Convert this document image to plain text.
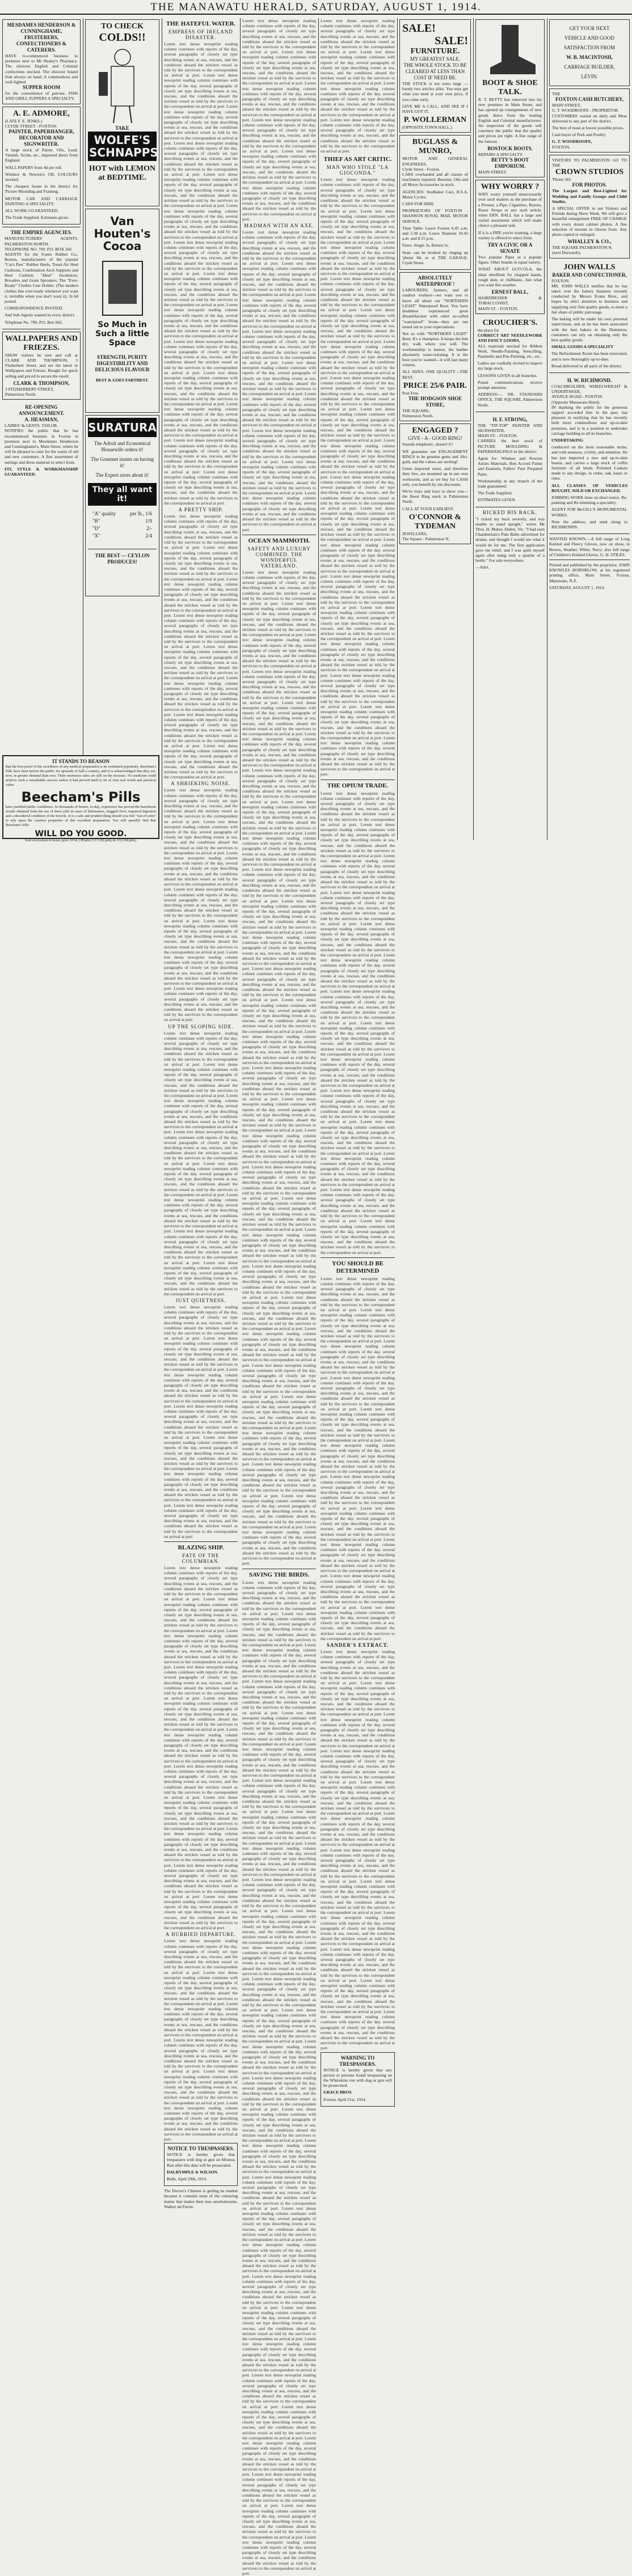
THE MANAWATU HERALD, SATURDAY, AUGUST 1, 1914.
MESDAMES HENDERSON & CUNNINGHAME,
FRUITERERS, CONFECTIONERS & CATERERS.
HAVE re-commenced business in premises next to Mr Healey's Pharmacy. The choicest English and Colonial confections stocked. The choicest Island fruit always on hand. A commodious and well-lighted
SUPPER ROOM
for the convenience of patrons. FISH AND GRILL SUPPERS A SPECIALTY.
A. E. ADMORE,
(LATE F. E. JENKS.)
CLYDE STREET - FOXTON.
PAINTER, PAPERHANGER, DECORATOR AND SIGNWRITER.

A large stock of Paints, Oils, Lead, Varnish, Scrim, etc., imported direct from England.

WALL PAPERS from 4d per roll.

Windsor & Newton's OIL COLOURS stocked.

The cheapest house in the district for Picture Moulding and Framing.

MOTOR CAR AND CARRIAGE PAINTING A SPECIALITY.

ALL WORK GUARANTEED.

The Trade Supplied. Estimates given.

THE EMPIRE AGENCIES.
MANUFACTURERS' AGENTS, PALMERSTON NORTH.
TELEPHONE NO. 709. P.O. BOX 266

AGENTS for the Foster Rubber Co., Boston, manufacturers of the popular "Cat's Paw" Rubber Heels, Tread-Air Heel Cushions, Combination Arch Supports and Heel Cushion. "Ideal" Incubators, Brooders and Grain Sprouters. The "Ever-Ready" Clothes Line Holder. (The modern clothes line ever-ready whenever you want it, invisible when you don't want it). 3s 6d posted.

CORRESPONDENCE INVITED.

And Sub-Agents wanted in every district.

Telephone No. 709. P.O. Box 662.

WALLPAPERS AND FRIEZES.

SHOW visitors be sure and call at CLARK AND THOMPSON, 3 Fitzherbert Street, and see the latest in Wallpapers and Friezes. Bought for quick selling and priced to secure the result.

CLARK & THOMPSON,
3 FITZHERBERT STREET,
Palmerston North.
RE-OPENING ANNOUNCEMENT.
A. HEASMAN,
LADIES' & GENTS. TAILOR.

NOTIFIES the public that he has recommenced business in Foxton in premises next to Mesdames Henderson and Cunninghame's, Main Street, where he will be pleased to cater for the wants of old and new customers. A fine assortment of suitings and dress material to select from.

FIT, STYLE & WORKMANSHIP GUARANTEED.

TO CHECK
COLDS!!
TAKE
WOLFE'S SCHNAPPS
HOT with LEMON at BEDTIME.
Van Houten's Cocoa
So Much in Such a little Space
STRENGTH, PURITY DIGESTIBILITY AND DELICIOUS FLAVOUR
BEST & GOES FARTHEST.
SURATURA
The Adroit and Economical Housewife orders it!
The Gourmet insists on having it!
The Expert raves about it!
They all want it!
"A" quality	per lb., 1/6
"B"	1/9
"D"	2/-
"X"	2/4
THE BEST — CEYLON PRODUCES!
THE HATEFUL WATER.
EMPRESS OF IRELAND DISASTER.
Lorem text dense newsprint reading column continues with reports of the day, several paragraphs of closely set type describing events at sea, rescues, and the conditions aboard the stricken vessel as told by the survivors to the correspondent on arrival at port. Lorem text dense newsprint reading column continues with reports of the day, several paragraphs of closely set type describing events at sea, rescues, and the conditions aboard the stricken vessel as told by the survivors to the correspondent on arrival at port. Lorem text dense newsprint reading column continues with reports of the day, several paragraphs of closely set type describing events at sea, rescues, and the conditions aboard the stricken vessel as told by the survivors to the correspondent on arrival at port. Lorem text dense newsprint reading column continues with reports of the day, several paragraphs of closely set type describing events at sea, rescues, and the conditions aboard the stricken vessel as told by the survivors to the correspondent on arrival at port. Lorem text dense newsprint reading column continues with reports of the day, several paragraphs of closely set type describing events at sea, rescues, and the conditions aboard the stricken vessel as told by the survivors to the correspondent on arrival at port. Lorem text dense newsprint reading column continues with reports of the day, several paragraphs of closely set type describing events at sea, rescues, and the conditions aboard the stricken vessel as told by the survivors to the correspondent on arrival at port. Lorem text dense newsprint reading column continues with reports of the day, several paragraphs of closely set type describing events at sea, rescues, and the conditions aboard the stricken vessel as told by the survivors to the correspondent on arrival at port. Lorem text dense newsprint reading column continues with reports of the day, several paragraphs of closely set type describing events at sea, rescues, and the conditions aboard the stricken vessel as told by the survivors to the correspondent on arrival at port. Lorem text dense newsprint reading column continues with reports of the day, several paragraphs of closely set type describing events at sea, rescues, and the conditions aboard the stricken vessel as told by the survivors to the correspondent on arrival at port. Lorem text dense newsprint reading column continues with reports of the day, several paragraphs of closely set type describing events at sea, rescues, and the conditions aboard the stricken vessel as told by the survivors to the correspondent on arrival at port. Lorem text dense newsprint reading column continues with reports of the day, several paragraphs of closely set type describing events at sea, rescues, and the conditions aboard the stricken vessel as told by the survivors to the correspondent on arrival at port. Lorem text dense newsprint reading column continues with reports of the day, several paragraphs of closely set type describing events at sea, rescues, and the conditions aboard the stricken vessel as told by the survivors to the correspondent on arrival at port. Lorem text dense newsprint reading column continues with reports of the day, several paragraphs of closely set type describing events at sea, rescues, and the conditions aboard the stricken vessel as told by the survivors to the correspondent on arrival at port. Lorem text dense newsprint reading column continues with reports of the day, several paragraphs of closely set type describing events at sea, rescues, and the conditions aboard the stricken vessel as told by the survivors to the correspondent on arrival at port.
A PRETTY SHIP.
Lorem text dense newsprint reading column continues with reports of the day, several paragraphs of closely set type describing events at sea, rescues, and the conditions aboard the stricken vessel as told by the survivors to the correspondent on arrival at port. Lorem text dense newsprint reading column continues with reports of the day, several paragraphs of closely set type describing events at sea, rescues, and the conditions aboard the stricken vessel as told by the survivors to the correspondent on arrival at port. Lorem text dense newsprint reading column continues with reports of the day, several paragraphs of closely set type describing events at sea, rescues, and the conditions aboard the stricken vessel as told by the survivors to the correspondent on arrival at port. Lorem text dense newsprint reading column continues with reports of the day, several paragraphs of closely set type describing events at sea, rescues, and the conditions aboard the stricken vessel as told by the survivors to the correspondent on arrival at port. Lorem text dense newsprint reading column continues with reports of the day, several paragraphs of closely set type describing events at sea, rescues, and the conditions aboard the stricken vessel as told by the survivors to the correspondent on arrival at port. Lorem text dense newsprint reading column continues with reports of the day, several paragraphs of closely set type describing events at sea, rescues, and the conditions aboard the stricken vessel as told by the survivors to the correspondent on arrival at port. Lorem text dense newsprint reading column continues with reports of the day, several paragraphs of closely set type describing events at sea, rescues, and the conditions aboard the stricken vessel as told by the survivors to the correspondent on arrival at port. Lorem text dense newsprint reading column continues with reports of the day, several paragraphs of closely set type describing events at sea, rescues, and the conditions aboard the stricken vessel as told by the survivors to the correspondent on arrival at port.
A SHRIEKING NOISE.
Lorem text dense newsprint reading column continues with reports of the day, several paragraphs of closely set type describing events at sea, rescues, and the conditions aboard the stricken vessel as told by the survivors to the correspondent on arrival at port. Lorem text dense newsprint reading column continues with reports of the day, several paragraphs of closely set type describing events at sea, rescues, and the conditions aboard the stricken vessel as told by the survivors to the correspondent on arrival at port. Lorem text dense newsprint reading column continues with reports of the day, several paragraphs of closely set type describing events at sea, rescues, and the conditions aboard the stricken vessel as told by the survivors to the correspondent on arrival at port. Lorem text dense newsprint reading column continues with reports of the day, several paragraphs of closely set type describing events at sea, rescues, and the conditions aboard the stricken vessel as told by the survivors to the correspondent on arrival at port. Lorem text dense newsprint reading column continues with reports of the day, several paragraphs of closely set type describing events at sea, rescues, and the conditions aboard the stricken vessel as told by the survivors to the correspondent on arrival at port. Lorem text dense newsprint reading column continues with reports of the day, several paragraphs of closely set type describing events at sea, rescues, and the conditions aboard the stricken vessel as told by the survivors to the correspondent on arrival at port. Lorem text dense newsprint reading column continues with reports of the day, several paragraphs of closely set type describing events at sea, rescues, and the conditions aboard the stricken vessel as told by the survivors to the correspondent on arrival at port.
UP THE SLOPING SIDE.
Lorem text dense newsprint reading column continues with reports of the day, several paragraphs of closely set type describing events at sea, rescues, and the conditions aboard the stricken vessel as told by the survivors to the correspondent on arrival at port. Lorem text dense newsprint reading column continues with reports of the day, several paragraphs of closely set type describing events at sea, rescues, and the conditions aboard the stricken vessel as told by the survivors to the correspondent on arrival at port. Lorem text dense newsprint reading column continues with reports of the day, several paragraphs of closely set type describing events at sea, rescues, and the conditions aboard the stricken vessel as told by the survivors to the correspondent on arrival at port. Lorem text dense newsprint reading column continues with reports of the day, several paragraphs of closely set type describing events at sea, rescues, and the conditions aboard the stricken vessel as told by the survivors to the correspondent on arrival at port. Lorem text dense newsprint reading column continues with reports of the day, several paragraphs of closely set type describing events at sea, rescues, and the conditions aboard the stricken vessel as told by the survivors to the correspondent on arrival at port. Lorem text dense newsprint reading column continues with reports of the day, several paragraphs of closely set type describing events at sea, rescues, and the conditions aboard the stricken vessel as told by the survivors to the correspondent on arrival at port. Lorem text dense newsprint reading column continues with reports of the day, several paragraphs of closely set type describing events at sea, rescues, and the conditions aboard the stricken vessel as told by the survivors to the correspondent on arrival at port. Lorem text dense newsprint reading column continues with reports of the day, several paragraphs of closely set type describing events at sea, rescues, and the conditions aboard the stricken vessel as told by the survivors to the correspondent on arrival at port.
JUST QUIETNESS.
Lorem text dense newsprint reading column continues with reports of the day, several paragraphs of closely set type describing events at sea, rescues, and the conditions aboard the stricken vessel as told by the survivors to the correspondent on arrival at port. Lorem text dense newsprint reading column continues with reports of the day, several paragraphs of closely set type describing events at sea, rescues, and the conditions aboard the stricken vessel as told by the survivors to the correspondent on arrival at port. Lorem text dense newsprint reading column continues with reports of the day, several paragraphs of closely set type describing events at sea, rescues, and the conditions aboard the stricken vessel as told by the survivors to the correspondent on arrival at port. Lorem text dense newsprint reading column continues with reports of the day, several paragraphs of closely set type describing events at sea, rescues, and the conditions aboard the stricken vessel as told by the survivors to the correspondent on arrival at port. Lorem text dense newsprint reading column continues with reports of the day, several paragraphs of closely set type describing events at sea, rescues, and the conditions aboard the stricken vessel as told by the survivors to the correspondent on arrival at port. Lorem text dense newsprint reading column continues with reports of the day, several paragraphs of closely set type describing events at sea, rescues, and the conditions aboard the stricken vessel as told by the survivors to the correspondent on arrival at port. Lorem text dense newsprint reading column continues with reports of the day, several paragraphs of closely set type describing events at sea, rescues, and the conditions aboard the stricken vessel as told by the survivors to the correspondent on arrival at port.
BLAZING SHIP.
FATE OF THE COLUMBIAN.
Lorem text dense newsprint reading column continues with reports of the day, several paragraphs of closely set type describing events at sea, rescues, and the conditions aboard the stricken vessel as told by the survivors to the correspondent on arrival at port. Lorem text dense newsprint reading column continues with reports of the day, several paragraphs of closely set type describing events at sea, rescues, and the conditions aboard the stricken vessel as told by the survivors to the correspondent on arrival at port. Lorem text dense newsprint reading column continues with reports of the day, several paragraphs of closely set type describing events at sea, rescues, and the conditions aboard the stricken vessel as told by the survivors to the correspondent on arrival at port. Lorem text dense newsprint reading column continues with reports of the day, several paragraphs of closely set type describing events at sea, rescues, and the conditions aboard the stricken vessel as told by the survivors to the correspondent on arrival at port. Lorem text dense newsprint reading column continues with reports of the day, several paragraphs of closely set type describing events at sea, rescues, and the conditions aboard the stricken vessel as told by the survivors to the correspondent on arrival at port. Lorem text dense newsprint reading column continues with reports of the day, several paragraphs of closely set type describing events at sea, rescues, and the conditions aboard the stricken vessel as told by the survivors to the correspondent on arrival at port. Lorem text dense newsprint reading column continues with reports of the day, several paragraphs of closely set type describing events at sea, rescues, and the conditions aboard the stricken vessel as told by the survivors to the correspondent on arrival at port. Lorem text dense newsprint reading column continues with reports of the day, several paragraphs of closely set type describing events at sea, rescues, and the conditions aboard the stricken vessel as told by the survivors to the correspondent on arrival at port. Lorem text dense newsprint reading column continues with reports of the day, several paragraphs of closely set type describing events at sea, rescues, and the conditions aboard the stricken vessel as told by the survivors to the correspondent on arrival at port. Lorem text dense newsprint reading column continues with reports of the day, several paragraphs of closely set type describing events at sea, rescues, and the conditions aboard the stricken vessel as told by the survivors to the correspondent on arrival at port. Lorem text dense newsprint reading column continues with reports of the day, several paragraphs of closely set type describing events at sea, rescues, and the conditions aboard the stricken vessel as told by the survivors to the correspondent on arrival at port.
A HURRIED DEPARTURE.
Lorem text dense newsprint reading column continues with reports of the day, several paragraphs of closely set type describing events at sea, rescues, and the conditions aboard the stricken vessel as told by the survivors to the correspondent on arrival at port. Lorem text dense newsprint reading column continues with reports of the day, several paragraphs of closely set type describing events at sea, rescues, and the conditions aboard the stricken vessel as told by the survivors to the correspondent on arrival at port. Lorem text dense newsprint reading column continues with reports of the day, several paragraphs of closely set type describing events at sea, rescues, and the conditions aboard the stricken vessel as told by the survivors to the correspondent on arrival at port. Lorem text dense newsprint reading column continues with reports of the day, several paragraphs of closely set type describing events at sea, rescues, and the conditions aboard the stricken vessel as told by the survivors to the correspondent on arrival at port. Lorem text dense newsprint reading column continues with reports of the day, several paragraphs of closely set type describing events at sea, rescues, and the conditions aboard the stricken vessel as told by the survivors to the correspondent on arrival at port. Lorem text dense newsprint reading column continues with reports of the day, several paragraphs of closely set type describing events at sea, rescues, and the conditions aboard the stricken vessel as told by the survivors to the correspondent on arrival at port.
NOTICE TO TRESPASSERS.

NOTICE is hereby given that trespassers with dog or gun on Moutoa Run after this date will be prosecuted.

DALRYMPLE & WILSON.

Bulls, April 29th, 1914.

The Doctor's Chinese is getting he market because it contains none of the colouring matter that makes their teas unwholesome. Walker nd Furrie.

Lorem text dense newsprint reading column continues with reports of the day, several paragraphs of closely set type describing events at sea, rescues, and the conditions aboard the stricken vessel as told by the survivors to the correspondent on arrival at port. Lorem text dense newsprint reading column continues with reports of the day, several paragraphs of closely set type describing events at sea, rescues, and the conditions aboard the stricken vessel as told by the survivors to the correspondent on arrival at port. Lorem text dense newsprint reading column continues with reports of the day, several paragraphs of closely set type describing events at sea, rescues, and the conditions aboard the stricken vessel as told by the survivors to the correspondent on arrival at port. Lorem text dense newsprint reading column continues with reports of the day, several paragraphs of closely set type describing events at sea, rescues, and the conditions aboard the stricken vessel as told by the survivors to the correspondent on arrival at port. Lorem text dense newsprint reading column continues with reports of the day, several paragraphs of closely set type describing events at sea, rescues, and the conditions aboard the stricken vessel as told by the survivors to the correspondent on arrival at port. Lorem text dense newsprint reading column continues with reports of the day, several paragraphs of closely set type describing events at sea, rescues, and the conditions aboard the stricken vessel as told by the survivors to the correspondent on arrival at port.
MADMAN WITH AN AXE.
Lorem text dense newsprint reading column continues with reports of the day, several paragraphs of closely set type describing events at sea, rescues, and the conditions aboard the stricken vessel as told by the survivors to the correspondent on arrival at port. Lorem text dense newsprint reading column continues with reports of the day, several paragraphs of closely set type describing events at sea, rescues, and the conditions aboard the stricken vessel as told by the survivors to the correspondent on arrival at port. Lorem text dense newsprint reading column continues with reports of the day, several paragraphs of closely set type describing events at sea, rescues, and the conditions aboard the stricken vessel as told by the survivors to the correspondent on arrival at port. Lorem text dense newsprint reading column continues with reports of the day, several paragraphs of closely set type describing events at sea, rescues, and the conditions aboard the stricken vessel as told by the survivors to the correspondent on arrival at port. Lorem text dense newsprint reading column continues with reports of the day, several paragraphs of closely set type describing events at sea, rescues, and the conditions aboard the stricken vessel as told by the survivors to the correspondent on arrival at port. Lorem text dense newsprint reading column continues with reports of the day, several paragraphs of closely set type describing events at sea, rescues, and the conditions aboard the stricken vessel as told by the survivors to the correspondent on arrival at port. Lorem text dense newsprint reading column continues with reports of the day, several paragraphs of closely set type describing events at sea, rescues, and the conditions aboard the stricken vessel as told by the survivors to the correspondent on arrival at port. Lorem text dense newsprint reading column continues with reports of the day, several paragraphs of closely set type describing events at sea, rescues, and the conditions aboard the stricken vessel as told by the survivors to the correspondent on arrival at port. Lorem text dense newsprint reading column continues with reports of the day, several paragraphs of closely set type describing events at sea, rescues, and the conditions aboard the stricken vessel as told by the survivors to the correspondent on arrival at port.
OCEAN MAMMOTH.
SAFETY AND LUXURY COMBINED. THE WONDERFUL VATERLAND.
Lorem text dense newsprint reading column continues with reports of the day, several paragraphs of closely set type describing events at sea, rescues, and the conditions aboard the stricken vessel as told by the survivors to the correspondent on arrival at port. Lorem text dense newsprint reading column continues with reports of the day, several paragraphs of closely set type describing events at sea, rescues, and the conditions aboard the stricken vessel as told by the survivors to the correspondent on arrival at port. Lorem text dense newsprint reading column continues with reports of the day, several paragraphs of closely set type describing events at sea, rescues, and the conditions aboard the stricken vessel as told by the survivors to the correspondent on arrival at port. Lorem text dense newsprint reading column continues with reports of the day, several paragraphs of closely set type describing events at sea, rescues, and the conditions aboard the stricken vessel as told by the survivors to the correspondent on arrival at port. Lorem text dense newsprint reading column continues with reports of the day, several paragraphs of closely set type describing events at sea, rescues, and the conditions aboard the stricken vessel as told by the survivors to the correspondent on arrival at port. Lorem text dense newsprint reading column continues with reports of the day, several paragraphs of closely set type describing events at sea, rescues, and the conditions aboard the stricken vessel as told by the survivors to the correspondent on arrival at port. Lorem text dense newsprint reading column continues with reports of the day, several paragraphs of closely set type describing events at sea, rescues, and the conditions aboard the stricken vessel as told by the survivors to the correspondent on arrival at port. Lorem text dense newsprint reading column continues with reports of the day, several paragraphs of closely set type describing events at sea, rescues, and the conditions aboard the stricken vessel as told by the survivors to the correspondent on arrival at port. Lorem text dense newsprint reading column continues with reports of the day, several paragraphs of closely set type describing events at sea, rescues, and the conditions aboard the stricken vessel as told by the survivors to the correspondent on arrival at port. Lorem text dense newsprint reading column continues with reports of the day, several paragraphs of closely set type describing events at sea, rescues, and the conditions aboard the stricken vessel as told by the survivors to the correspondent on arrival at port. Lorem text dense newsprint reading column continues with reports of the day, several paragraphs of closely set type describing events at sea, rescues, and the conditions aboard the stricken vessel as told by the survivors to the correspondent on arrival at port. Lorem text dense newsprint reading column continues with reports of the day, several paragraphs of closely set type describing events at sea, rescues, and the conditions aboard the stricken vessel as told by the survivors to the correspondent on arrival at port. Lorem text dense newsprint reading column continues with reports of the day, several paragraphs of closely set type describing events at sea, rescues, and the conditions aboard the stricken vessel as told by the survivors to the correspondent on arrival at port. Lorem text dense newsprint reading column continues with reports of the day, several paragraphs of closely set type describing events at sea, rescues, and the conditions aboard the stricken vessel as told by the survivors to the correspondent on arrival at port. Lorem text dense newsprint reading column continues with reports of the day, several paragraphs of closely set type describing events at sea, rescues, and the conditions aboard the stricken vessel as told by the survivors to the correspondent on arrival at port. Lorem text dense newsprint reading column continues with reports of the day, several paragraphs of closely set type describing events at sea, rescues, and the conditions aboard the stricken vessel as told by the survivors to the correspondent on arrival at port. Lorem text dense newsprint reading column continues with reports of the day, several paragraphs of closely set type describing events at sea, rescues, and the conditions aboard the stricken vessel as told by the survivors to the correspondent on arrival at port. Lorem text dense newsprint reading column continues with reports of the day, several paragraphs of closely set type describing events at sea, rescues, and the conditions aboard the stricken vessel as told by the survivors to the correspondent on arrival at port. Lorem text dense newsprint reading column continues with reports of the day, several paragraphs of closely set type describing events at sea, rescues, and the conditions aboard the stricken vessel as told by the survivors to the correspondent on arrival at port. Lorem text dense newsprint reading column continues with reports of the day, several paragraphs of closely set type describing events at sea, rescues, and the conditions aboard the stricken vessel as told by the survivors to the correspondent on arrival at port. Lorem text dense newsprint reading column continues with reports of the day, several paragraphs of closely set type describing events at sea, rescues, and the conditions aboard the stricken vessel as told by the survivors to the correspondent on arrival at port. Lorem text dense newsprint reading column continues with reports of the day, several paragraphs of closely set type describing events at sea, rescues, and the conditions aboard the stricken vessel as told by the survivors to the correspondent on arrival at port. Lorem text dense newsprint reading column continues with reports of the day, several paragraphs of closely set type describing events at sea, rescues, and the conditions aboard the stricken vessel as told by the survivors to the correspondent on arrival at port. Lorem text dense newsprint reading column continues with reports of the day, several paragraphs of closely set type describing events at sea, rescues, and the conditions aboard the stricken vessel as told by the survivors to the correspondent on arrival at port. Lorem text dense newsprint reading column continues with reports of the day, several paragraphs of closely set type describing events at sea, rescues, and the conditions aboard the stricken vessel as told by the survivors to the correspondent on arrival at port. Lorem text dense newsprint reading column continues with reports of the day, several paragraphs of closely set type describing events at sea, rescues, and the conditions aboard the stricken vessel as told by the survivors to the correspondent on arrival at port. Lorem text dense newsprint reading column continues with reports of the day, several paragraphs of closely set type describing events at sea, rescues, and the conditions aboard the stricken vessel as told by the survivors to the correspondent on arrival at port. Lorem text dense newsprint reading column continues with reports of the day, several paragraphs of closely set type describing events at sea, rescues, and the conditions aboard the stricken vessel as told by the survivors to the correspondent on arrival at port. Lorem text dense newsprint reading column continues with reports of the day, several paragraphs of closely set type describing events at sea, rescues, and the conditions aboard the stricken vessel as told by the survivors to the correspondent on arrival at port. Lorem text dense newsprint reading column continues with reports of the day, several paragraphs of closely set type describing events at sea, rescues, and the conditions aboard the stricken vessel as told by the survivors to the correspondent on arrival at port.
SAVING THE BIRDS.
Lorem text dense newsprint reading column continues with reports of the day, several paragraphs of closely set type describing events at sea, rescues, and the conditions aboard the stricken vessel as told by the survivors to the correspondent on arrival at port. Lorem text dense newsprint reading column continues with reports of the day, several paragraphs of closely set type describing events at sea, rescues, and the conditions aboard the stricken vessel as told by the survivors to the correspondent on arrival at port. Lorem text dense newsprint reading column continues with reports of the day, several paragraphs of closely set type describing events at sea, rescues, and the conditions aboard the stricken vessel as told by the survivors to the correspondent on arrival at port. Lorem text dense newsprint reading column continues with reports of the day, several paragraphs of closely set type describing events at sea, rescues, and the conditions aboard the stricken vessel as told by the survivors to the correspondent on arrival at port. Lorem text dense newsprint reading column continues with reports of the day, several paragraphs of closely set type describing events at sea, rescues, and the conditions aboard the stricken vessel as told by the survivors to the correspondent on arrival at port. Lorem text dense newsprint reading column continues with reports of the day, several paragraphs of closely set type describing events at sea, rescues, and the conditions aboard the stricken vessel as told by the survivors to the correspondent on arrival at port. Lorem text dense newsprint reading column continues with reports of the day, several paragraphs of closely set type describing events at sea, rescues, and the conditions aboard the stricken vessel as told by the survivors to the correspondent on arrival at port. Lorem text dense newsprint reading column continues with reports of the day, several paragraphs of closely set type describing events at sea, rescues, and the conditions aboard the stricken vessel as told by the survivors to the correspondent on arrival at port. Lorem text dense newsprint reading column continues with reports of the day, several paragraphs of closely set type describing events at sea, rescues, and the conditions aboard the stricken vessel as told by the survivors to the correspondent on arrival at port. Lorem text dense newsprint reading column continues with reports of the day, several paragraphs of closely set type describing events at sea, rescues, and the conditions aboard the stricken vessel as told by the survivors to the correspondent on arrival at port. Lorem text dense newsprint reading column continues with reports of the day, several paragraphs of closely set type describing events at sea, rescues, and the conditions aboard the stricken vessel as told by the survivors to the correspondent on arrival at port. Lorem text dense newsprint reading column continues with reports of the day, several paragraphs of closely set type describing events at sea, rescues, and the conditions aboard the stricken vessel as told by the survivors to the correspondent on arrival at port. Lorem text dense newsprint reading column continues with reports of the day, several paragraphs of closely set type describing events at sea, rescues, and the conditions aboard the stricken vessel as told by the survivors to the correspondent on arrival at port. Lorem text dense newsprint reading column continues with reports of the day, several paragraphs of closely set type describing events at sea, rescues, and the conditions aboard the stricken vessel as told by the survivors to the correspondent on arrival at port. Lorem text dense newsprint reading column continues with reports of the day, several paragraphs of closely set type describing events at sea, rescues, and the conditions aboard the stricken vessel as told by the survivors to the correspondent on arrival at port. Lorem text dense newsprint reading column continues with reports of the day, several paragraphs of closely set type describing events at sea, rescues, and the conditions aboard the stricken vessel as told by the survivors to the correspondent on arrival at port. Lorem text dense newsprint reading column continues with reports of the day, several paragraphs of closely set type describing events at sea, rescues, and the conditions aboard the stricken vessel as told by the survivors to the correspondent on arrival at port. Lorem text dense newsprint reading column continues with reports of the day, several paragraphs of closely set type describing events at sea, rescues, and the conditions aboard the stricken vessel as told by the survivors to the correspondent on arrival at port. Lorem text dense newsprint reading column continues with reports of the day, several paragraphs of closely set type describing events at sea, rescues, and the conditions aboard the stricken vessel as told by the survivors to the correspondent on arrival at port. Lorem text dense newsprint reading column continues with reports of the day, several paragraphs of closely set type describing events at sea, rescues, and the conditions aboard the stricken vessel as told by the survivors to the correspondent on arrival at port. Lorem text dense newsprint reading column continues with reports of the day, several paragraphs of closely set type describing events at sea, rescues, and the conditions aboard the stricken vessel as told by the survivors to the correspondent on arrival at port. Lorem text dense newsprint reading column continues with reports of the day, several paragraphs of closely set type describing events at sea, rescues, and the conditions aboard the stricken vessel as told by the survivors to the correspondent on arrival at port. Lorem text dense newsprint reading column continues with reports of the day, several paragraphs of closely set type describing events at sea, rescues, and the conditions aboard the stricken vessel as told by the survivors to the correspondent on arrival at port. Lorem text dense newsprint reading column continues with reports of the day, several paragraphs of closely set type describing events at sea, rescues, and the conditions aboard the stricken vessel as told by the survivors to the correspondent on arrival at port. Lorem text dense newsprint reading column continues with reports of the day, several paragraphs of closely set type describing events at sea, rescues, and the conditions aboard the stricken vessel as told by the survivors to the correspondent on arrival at port. Lorem text dense newsprint reading column continues with reports of the day, several paragraphs of closely set type describing events at sea, rescues, and the conditions aboard the stricken vessel as told by the survivors to the correspondent on arrival at port. Lorem text dense newsprint reading column continues with reports of the day, several paragraphs of closely set type describing events at sea, rescues, and the conditions aboard the stricken vessel as told by the survivors to the correspondent on arrival at port. Lorem text dense newsprint reading column continues with reports of the day, several paragraphs of closely set type describing events at sea, rescues, and the conditions aboard the stricken vessel as told by the survivors to the correspondent on arrival at port. Lorem text dense newsprint reading column continues with reports of the day, several paragraphs of closely set type describing events at sea, rescues, and the conditions aboard the stricken vessel as told by the survivors to the correspondent on arrival at port. Lorem text dense newsprint reading column continues with reports of the day, several paragraphs of closely set type describing events at sea, rescues, and the conditions aboard the stricken vessel as told by the survivors to the correspondent on arrival at port.
Lorem text dense newsprint reading column continues with reports of the day, several paragraphs of closely set type describing events at sea, rescues, and the conditions aboard the stricken vessel as told by the survivors to the correspondent on arrival at port. Lorem text dense newsprint reading column continues with reports of the day, several paragraphs of closely set type describing events at sea, rescues, and the conditions aboard the stricken vessel as told by the survivors to the correspondent on arrival at port. Lorem text dense newsprint reading column continues with reports of the day, several paragraphs of closely set type describing events at sea, rescues, and the conditions aboard the stricken vessel as told by the survivors to the correspondent on arrival at port. Lorem text dense newsprint reading column continues with reports of the day, several paragraphs of closely set type describing events at sea, rescues, and the conditions aboard the stricken vessel as told by the survivors to the correspondent on arrival at port.
THIEF AS ART CRITIC.
MAN WHO STOLE "LA GIOCONDA."
Lorem text dense newsprint reading column continues with reports of the day, several paragraphs of closely set type describing events at sea, rescues, and the conditions aboard the stricken vessel as told by the survivors to the correspondent on arrival at port. Lorem text dense newsprint reading column continues with reports of the day, several paragraphs of closely set type describing events at sea, rescues, and the conditions aboard the stricken vessel as told by the survivors to the correspondent on arrival at port. Lorem text dense newsprint reading column continues with reports of the day, several paragraphs of closely set type describing events at sea, rescues, and the conditions aboard the stricken vessel as told by the survivors to the correspondent on arrival at port. Lorem text dense newsprint reading column continues with reports of the day, several paragraphs of closely set type describing events at sea, rescues, and the conditions aboard the stricken vessel as told by the survivors to the correspondent on arrival at port. Lorem text dense newsprint reading column continues with reports of the day, several paragraphs of closely set type describing events at sea, rescues, and the conditions aboard the stricken vessel as told by the survivors to the correspondent on arrival at port. Lorem text dense newsprint reading column continues with reports of the day, several paragraphs of closely set type describing events at sea, rescues, and the conditions aboard the stricken vessel as told by the survivors to the correspondent on arrival at port. Lorem text dense newsprint reading column continues with reports of the day, several paragraphs of closely set type describing events at sea, rescues, and the conditions aboard the stricken vessel as told by the survivors to the correspondent on arrival at port. Lorem text dense newsprint reading column continues with reports of the day, several paragraphs of closely set type describing events at sea, rescues, and the conditions aboard the stricken vessel as told by the survivors to the correspondent on arrival at port. Lorem text dense newsprint reading column continues with reports of the day, several paragraphs of closely set type describing events at sea, rescues, and the conditions aboard the stricken vessel as told by the survivors to the correspondent on arrival at port. Lorem text dense newsprint reading column continues with reports of the day, several paragraphs of closely set type describing events at sea, rescues, and the conditions aboard the stricken vessel as told by the survivors to the correspondent on arrival at port. Lorem text dense newsprint reading column continues with reports of the day, several paragraphs of closely set type describing events at sea, rescues, and the conditions aboard the stricken vessel as told by the survivors to the correspondent on arrival at port. Lorem text dense newsprint reading column continues with reports of the day, several paragraphs of closely set type describing events at sea, rescues, and the conditions aboard the stricken vessel as told by the survivors to the correspondent on arrival at port. Lorem text dense newsprint reading column continues with reports of the day, several paragraphs of closely set type describing events at sea, rescues, and the conditions aboard the stricken vessel as told by the survivors to the correspondent on arrival at port. Lorem text dense newsprint reading column continues with reports of the day, several paragraphs of closely set type describing events at sea, rescues, and the conditions aboard the stricken vessel as told by the survivors to the correspondent on arrival at port. Lorem text dense newsprint reading column continues with reports of the day, several paragraphs of closely set type describing events at sea, rescues, and the conditions aboard the stricken vessel as told by the survivors to the correspondent on arrival at port. Lorem text dense newsprint reading column continues with reports of the day, several paragraphs of closely set type describing events at sea, rescues, and the conditions aboard the stricken vessel as told by the survivors to the correspondent on arrival at port. Lorem text dense newsprint reading column continues with reports of the day, several paragraphs of closely set type describing events at sea, rescues, and the conditions aboard the stricken vessel as told by the survivors to the correspondent on arrival at port. Lorem text dense newsprint reading column continues with reports of the day, several paragraphs of closely set type describing events at sea, rescues, and the conditions aboard the stricken vessel as told by the survivors to the correspondent on arrival at port.
THE OPIUM TRADE.
Lorem text dense newsprint reading column continues with reports of the day, several paragraphs of closely set type describing events at sea, rescues, and the conditions aboard the stricken vessel as told by the survivors to the correspondent on arrival at port. Lorem text dense newsprint reading column continues with reports of the day, several paragraphs of closely set type describing events at sea, rescues, and the conditions aboard the stricken vessel as told by the survivors to the correspondent on arrival at port. Lorem text dense newsprint reading column continues with reports of the day, several paragraphs of closely set type describing events at sea, rescues, and the conditions aboard the stricken vessel as told by the survivors to the correspondent on arrival at port. Lorem text dense newsprint reading column continues with reports of the day, several paragraphs of closely set type describing events at sea, rescues, and the conditions aboard the stricken vessel as told by the survivors to the correspondent on arrival at port. Lorem text dense newsprint reading column continues with reports of the day, several paragraphs of closely set type describing events at sea, rescues, and the conditions aboard the stricken vessel as told by the survivors to the correspondent on arrival at port. Lorem text dense newsprint reading column continues with reports of the day, several paragraphs of closely set type describing events at sea, rescues, and the conditions aboard the stricken vessel as told by the survivors to the correspondent on arrival at port. Lorem text dense newsprint reading column continues with reports of the day, several paragraphs of closely set type describing events at sea, rescues, and the conditions aboard the stricken vessel as told by the survivors to the correspondent on arrival at port. Lorem text dense newsprint reading column continues with reports of the day, several paragraphs of closely set type describing events at sea, rescues, and the conditions aboard the stricken vessel as told by the survivors to the correspondent on arrival at port. Lorem text dense newsprint reading column continues with reports of the day, several paragraphs of closely set type describing events at sea, rescues, and the conditions aboard the stricken vessel as told by the survivors to the correspondent on arrival at port. Lorem text dense newsprint reading column continues with reports of the day, several paragraphs of closely set type describing events at sea, rescues, and the conditions aboard the stricken vessel as told by the survivors to the correspondent on arrival at port. Lorem text dense newsprint reading column continues with reports of the day, several paragraphs of closely set type describing events at sea, rescues, and the conditions aboard the stricken vessel as told by the survivors to the correspondent on arrival at port. Lorem text dense newsprint reading column continues with reports of the day, several paragraphs of closely set type describing events at sea, rescues, and the conditions aboard the stricken vessel as told by the survivors to the correspondent on arrival at port. Lorem text dense newsprint reading column continues with reports of the day, several paragraphs of closely set type describing events at sea, rescues, and the conditions aboard the stricken vessel as told by the survivors to the correspondent on arrival at port. Lorem text dense newsprint reading column continues with reports of the day, several paragraphs of closely set type describing events at sea, rescues, and the conditions aboard the stricken vessel as told by the survivors to the correspondent on arrival at port.
YOU SHOULD BE DETERMINED
Lorem text dense newsprint reading column continues with reports of the day, several paragraphs of closely set type describing events at sea, rescues, and the conditions aboard the stricken vessel as told by the survivors to the correspondent on arrival at port. Lorem text dense newsprint reading column continues with reports of the day, several paragraphs of closely set type describing events at sea, rescues, and the conditions aboard the stricken vessel as told by the survivors to the correspondent on arrival at port. Lorem text dense newsprint reading column continues with reports of the day, several paragraphs of closely set type describing events at sea, rescues, and the conditions aboard the stricken vessel as told by the survivors to the correspondent on arrival at port. Lorem text dense newsprint reading column continues with reports of the day, several paragraphs of closely set type describing events at sea, rescues, and the conditions aboard the stricken vessel as told by the survivors to the correspondent on arrival at port. Lorem text dense newsprint reading column continues with reports of the day, several paragraphs of closely set type describing events at sea, rescues, and the conditions aboard the stricken vessel as told by the survivors to the correspondent on arrival at port. Lorem text dense newsprint reading column continues with reports of the day, several paragraphs of closely set type describing events at sea, rescues, and the conditions aboard the stricken vessel as told by the survivors to the correspondent on arrival at port. Lorem text dense newsprint reading column continues with reports of the day, several paragraphs of closely set type describing events at sea, rescues, and the conditions aboard the stricken vessel as told by the survivors to the correspondent on arrival at port. Lorem text dense newsprint reading column continues with reports of the day, several paragraphs of closely set type describing events at sea, rescues, and the conditions aboard the stricken vessel as told by the survivors to the correspondent on arrival at port. Lorem text dense newsprint reading column continues with reports of the day, several paragraphs of closely set type describing events at sea, rescues, and the conditions aboard the stricken vessel as told by the survivors to the correspondent on arrival at port. Lorem text dense newsprint reading column continues with reports of the day, several paragraphs of closely set type describing events at sea, rescues, and the conditions aboard the stricken vessel as told by the survivors to the correspondent on arrival at port. Lorem text dense newsprint reading column continues with reports of the day, several paragraphs of closely set type describing events at sea, rescues, and the conditions aboard the stricken vessel as told by the survivors to the correspondent on arrival at port.
SANDER'S EXTRACT.
Lorem text dense newsprint reading column continues with reports of the day, several paragraphs of closely set type describing events at sea, rescues, and the conditions aboard the stricken vessel as told by the survivors to the correspondent on arrival at port. Lorem text dense newsprint reading column continues with reports of the day, several paragraphs of closely set type describing events at sea, rescues, and the conditions aboard the stricken vessel as told by the survivors to the correspondent on arrival at port. Lorem text dense newsprint reading column continues with reports of the day, several paragraphs of closely set type describing events at sea, rescues, and the conditions aboard the stricken vessel as told by the survivors to the correspondent on arrival at port. Lorem text dense newsprint reading column continues with reports of the day, several paragraphs of closely set type describing events at sea, rescues, and the conditions aboard the stricken vessel as told by the survivors to the correspondent on arrival at port. Lorem text dense newsprint reading column continues with reports of the day, several paragraphs of closely set type describing events at sea, rescues, and the conditions aboard the stricken vessel as told by the survivors to the correspondent on arrival at port. Lorem text dense newsprint reading column continues with reports of the day, several paragraphs of closely set type describing events at sea, rescues, and the conditions aboard the stricken vessel as told by the survivors to the correspondent on arrival at port. Lorem text dense newsprint reading column continues with reports of the day, several paragraphs of closely set type describing events at sea, rescues, and the conditions aboard the stricken vessel as told by the survivors to the correspondent on arrival at port. Lorem text dense newsprint reading column continues with reports of the day, several paragraphs of closely set type describing events at sea, rescues, and the conditions aboard the stricken vessel as told by the survivors to the correspondent on arrival at port. Lorem text dense newsprint reading column continues with reports of the day, several paragraphs of closely set type describing events at sea, rescues, and the conditions aboard the stricken vessel as told by the survivors to the correspondent on arrival at port. Lorem text dense newsprint reading column continues with reports of the day, several paragraphs of closely set type describing events at sea, rescues, and the conditions aboard the stricken vessel as told by the survivors to the correspondent on arrival at port. Lorem text dense newsprint reading column continues with reports of the day, several paragraphs of closely set type describing events at sea, rescues, and the conditions aboard the stricken vessel as told by the survivors to the correspondent on arrival at port. Lorem text dense newsprint reading column continues with reports of the day, several paragraphs of closely set type describing events at sea, rescues, and the conditions aboard the stricken vessel as told by the survivors to the correspondent on arrival at port.
WARNING TO TRESPASSERS.

NOTICE is hereby given that any person or persons found trespassing on the Whirokino run with dog or gun will be prosecuted.

GRACE BROS.

Foxton, April 21st, 1914.

SALE!
SALE!
FURNITURE.
MY GREATEST SALE.
THE WHOLE STOCK TO BE CLEARED AT LESS THAN COST IF NEED BE.

THE STOCK is not extra large — barely two articles alike. You may get what you need at your own price, if you come early.

GIVE ME A CALL, AND SEE IF I HAVE GOT IT.

P. WOLLERMAN
(OPPOSITE TOWN HALL.)
BUGLASS & MUNRO,
MOTOR AND GENERAL ENGINEERS,
Clyde Street - Foxton.

CARS overhauled and all classes of machinery repaired. Benzine, Oils and all Motor Accessories in stock.

AGENCIES: Studbaker Cars, B.S.A. Motor Cycles.

CARS FOR HIRE.

PROPRIETORS OF FOXTON - SHANNON ROYAL MAIL MOTOR SERVICE.

Time Table: Leave Foxton 6.45 a.m. and 2.30 p.m. Leave Shannon 10.45 a.m. and 8.15 p.m.

Fares: Single 3s, Return 5s.

Seats can be booked by ringing up 'phone 84, or at THE GARAGE, Clyde Street.

ABSOLUTELY WATERPROOF !

LABOURERS, farmers, and all outdoor workers—we want you to know all about our "NORTHERN LIGHT" Waterproof Boot. You have doubtless experienced great dissatisfaction with other so-called "waterproof" boots—they are not tested out to your expectations.

Not so with "NORTHERN LIGHT" Boot. It's a champion. It keeps the feet dry, walk where you will. The workmanship is honest, the leather absolutely water-resisting. It is the boot you've wanted—it will last many winters.

ALL SIZES. ONE QUALITY—THE BEST.

PRICE 25/6 PAIR.
Post Free.
THE HODGSON SHOE STORE,
THE SQUARE,
Palmerston North.
ENGAGED ?
GIVE - A - GOOD RING!

Sounds telephonic, doesn't it?

WE guarantee our ENGAGEMENT RINGS to be genuine gems and 18ct. gold, and the values are sterling!

Gems imported unset, and therefore duty free, are mounted up in our own workroom, and as we buy for CASH only, you benefit by our discounts.

We've trays and trays to show you—the finest Ring stock in Palmerston North.

CALL AT YOUR EARLIEST.

O'CONNOR & TYDEMAN
JEWELLERS,
The Square - Palmerston N.
BOOT & SHOE TALK.

R. T. BETTY has removed into his new premises in Main Street, and has opened up consignments of new goods direct from the leading English and Colonial manufacturers. An inspection of the goods will convince the public that the quality and prices are right. A fine range of the famous

BOSTOCK BOOTS.
REPAIRS A SPECIALTY.
BETTY'S BOOT EMPORIUM.
MAIN STREET.
WHY WORRY ?

WHY worry yourself unnecessarily over such matters as the purchase of a Present, a Pipe, Cigarettes, Razors, Razor Strops or any such article, when ERN. BALL has a large and varied assortment which will make choice a pleasant task.

If it is a PIPE you're wanting, a large variety is offered to select from.

TRY A CIVIC OR A SENATE

Two popular Pipes at a popular figure. Other brands in equal variety.

WHAT ABOUT GLYCOLA, the ideal emollient for chapped hands, rough skin, or chilblains. Just what you want this weather.

ERNEST BALL,
HAIRDRESSER & TOBACCONIST,
MAIN ST. - FOXTON.
CROUCHER'S.
the place for
CORRECT ART NEEDLEWORK AND FANCY GOODS,

ALL materials stocked for Ribbon Work, Needle-Painting, Stencilling, Pastinello and Pen-Painting, etc., etc.

Ladies are cordially invited to inspect my large stock.

LESSONS GIVEN in all branches.

Postal communications receive prompt attention.

ADDRESS:— NR. STANDARD OFFICE, THE SQUARE, Palmerston North.

H. F. STRONG,
THE "TIP-TOP" PAINTER AND SIGNWRITER,
MAIN ST. - FOXTON.

CARRIES the best stock of PICTURE MOULDING & PAPERHANGINGS in the district.

Agent for: Windsor and Newton Artists Materials, Bon Accord Paints and Enamels, Fullers' Pure Prepared Paint.

Workmanship in any branch of the trade guaranteed.

The Trade Supplied.

ESTIMATES GIVEN.

RICKED HIS BACK.

"I ricked my back severely, and was unable to stand upright," writes Mr Thos. H. Maher, Ebden, Vic. "I had seen Chamberlain's Pain Balm advertised for strains, and thought I would see what it would do for me. The first application gave me relief, and I was quite myself again after using only a quarter of a bottle." For sale everywhere.

—Advt.

GET YOUR NEXT
VEHICLE AND GOOD
SATISFACTION FROM
W. B. MACINTOSH,
CARRIAGE BUILDER,
LEVIN.
THE
FOXTON CASH BUTCHERY,
MAIN STREET,
G. T. WOODROOFE - PROPRIETOR

CUSTOMERS waited on daily and Meat delivered to any part of the district.

The best of meat at lowest possible prices.

Cash buyer of Pork and Poultry

G. T. WOODROOFE,
FOXTON.
VISITORS TO PALMERSTON GO TO THE
CROWN STUDIOS
'Phone 582
FOR PHOTOS.

The Largest and Best-Lighted for Wedding and Family Groups and Child Studies.

A SPECIAL OFFER to our Visitors and Friends during Show Week. We will give a beautiful enlargement FREE OF CHARGE with every dozen cabinet photos. A fine selection of mounts to choose from. Any photo copied or enlarged.

WHALLEY & CO.,
THE SQUARE PALMERSTON N.
(next Durwards).
JOHN WALLS
BAKER AND CONFECTIONER,
FOXTON.

MR. JOHN WALLS notifies that he has taken over the bakery business recently conducted by Messrs Evans Bros., and hopes by strict attention to business and supplying only first quality goods, to merit a fair share of public patronage.

The baking will be under his own personal supervision, and as he has been associated with the best bakers in the Dominion, customers can rely on obtaining only the best quality goods.

SMALL GOODS A SPECIALITY

The Refreshment Room has been renovated, and is now thoroughly up-to-date.

Bread delivered to all parts of the district.

H. W. RICHMOND.
COACHBUILDER, WHEELWRIGHT & UNDERTAKER,
AVENUE ROAD - FOXTON
(Opposite Manawatu Hotel).

IN thanking the public for the generous support accorded him in the past, has pleasure in notifying that he has recently built more commodious and up-to-date premises, and is in a position to undertake carriage building in all its branches.

UNDERTAKING

conducted on the most reasonable terms, and with neatness, civility, and attention. He has just imported a new and up-to-date hearse, and carries a large stock of coffin furniture of all kinds. Polished Caskets made to any design, in cedar, oak, kauri or rimu.

ALL CLASSES OF VEHICLES BOUGHT, SOLD OR EXCHANGED.

JOBBING WORK done on short notice. Re-painting and Re-trimming a speciality.

AGENT FOR McGILL'S MONUMENTAL WORKS.

Note the address, and send along to RICHMONDS.

WANTED KNOWN.—A full range of Long Knitted and Fleecy Gloves, now on show, in Brown, Heather, White, Navy; also full range of Children's Knitted Gloves. G. H. STILES.

Printed and published by the proprietor, JOHN KNOWLES HORNBLOW, at his registered printing office, Main Street, Foxton, Manawatu, N.Z.

SATURDAY, AUGUST 1, 1914.

IT STANDS TO REASON

that the best proof of the excellence of any medical preparation is its continued popularity. Beecham's Pills have been before the public for upwards of half a century, and it is acknowledged that they are, now, in greater demand than ever. Their enormous sales are still on the increase. No medicine could achieve such a remarkable success unless it had proved itself to be of very real worth and practical value.

Beecham's Pills

have justified public confidence. In thousands of homes, to-day, experience has proved the beneficent results obtained from the use of these pills in cases of biliousness, sluggish liver, impaired digestion and a disordered condition of the bowels. It is a safe and prudent thing should you feel "out-of-sorts" to rely upon the curative properties of this excellent preparation. You will speedily find that Beecham's Pills

WILL DO YOU GOOD.
Sold everywhere in boxes, price 10½d. (36 pills) 1/1½ (56 pills) & 2/9 (168 pills).
